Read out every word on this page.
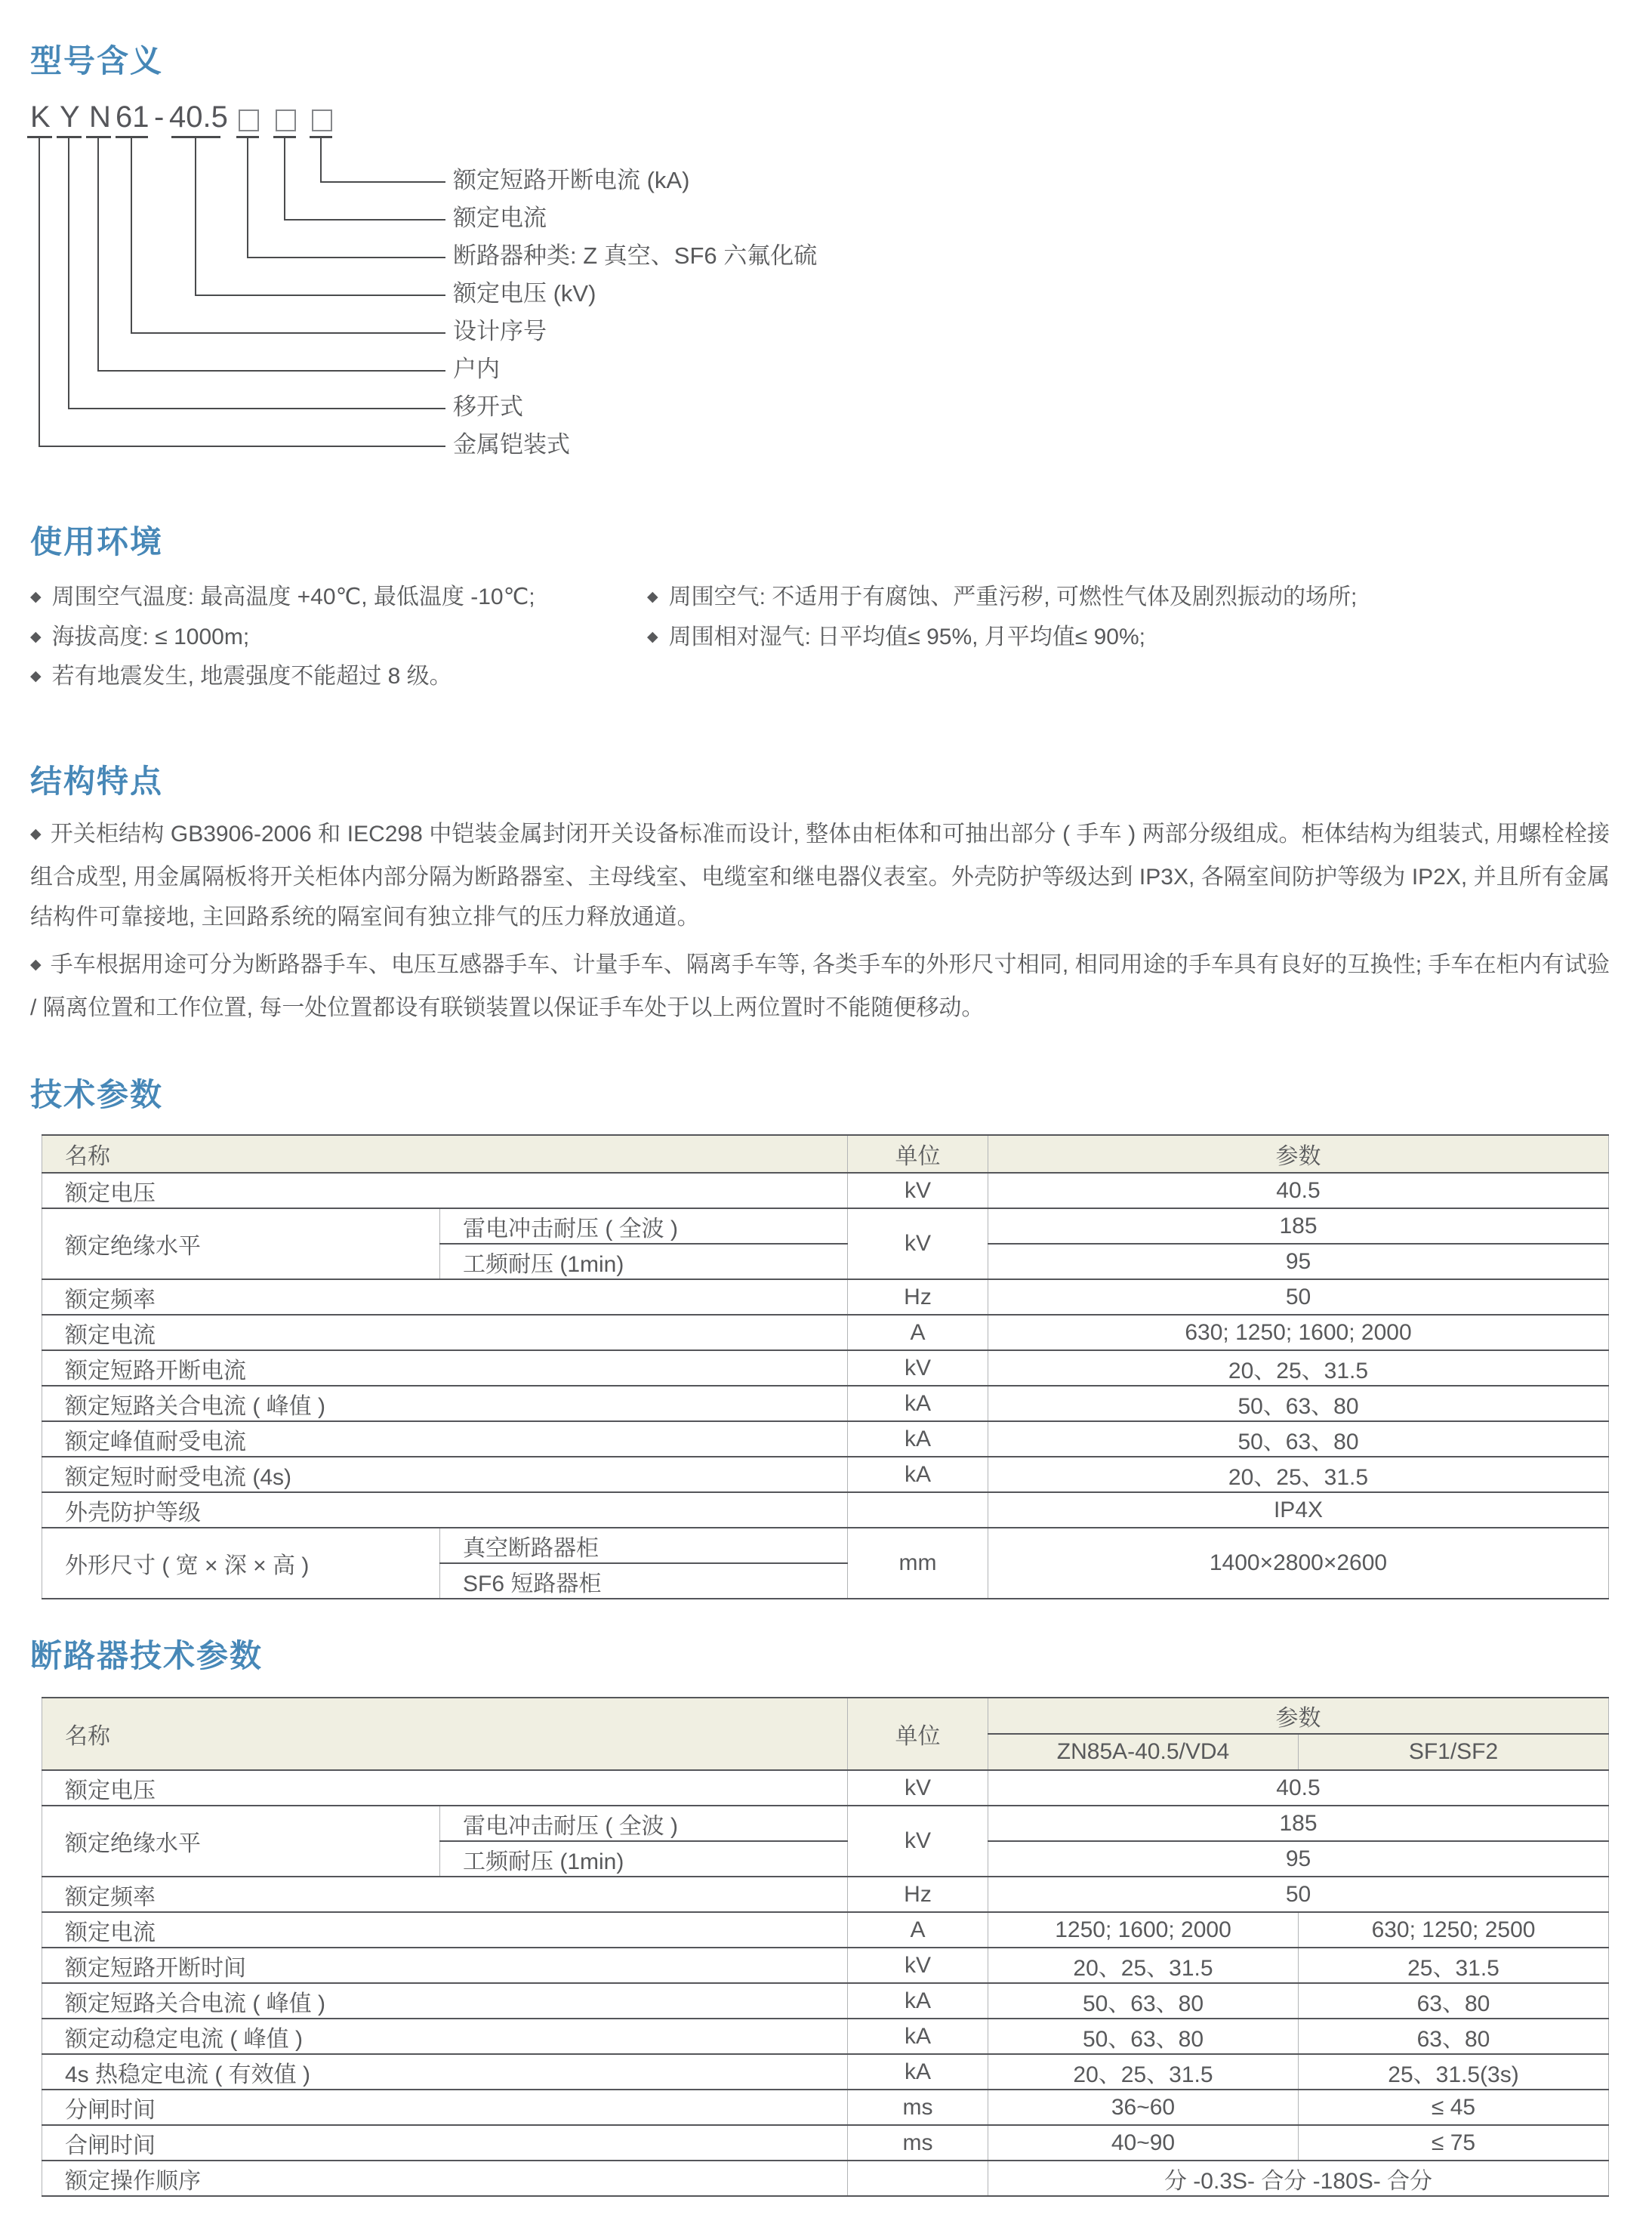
型号含义
K Y N 61 - 40.5
额定短路开断电流 (kA)
额定电流
断路器种类: Z 真空、SF6 六氟化硫
额定电压 (kV)
设计序号
户内
移开式
金属铠装式
使用环境
◆ 周围空气温度: 最高温度 +40℃, 最低温度 -10℃;
◆ 海拔高度: ≤ 1000m;
◆ 若有地震发生, 地震强度不能超过 8 级。
◆ 周围空气: 不适用于有腐蚀、严重污秽, 可燃性气体及剧烈振动的场所;
◆ 周围相对湿气: 日平均值≤ 95%, 月平均值≤ 90%;
结构特点

◆ 开关柜结构 GB3906-2006 和 IEC298 中铠装金属封闭开关设备标准而设计, 整体由柜体和可抽出部分 ( 手车 ) 两部分级组成。柜体结构为组装式, 用螺栓栓接组合成型, 用金属隔板将开关柜体内部分隔为断路器室、主母线室、电缆室和继电器仪表室。外壳防护等级达到 IP3X, 各隔室间防护等级为 IP2X, 并且所有金属结构件可靠接地, 主回路系统的隔室间有独立排气的压力释放通道。

◆ 手车根据用途可分为断路器手车、电压互感器手车、计量手车、隔离手车等, 各类手车的外形尺寸相同, 相同用途的手车具有良好的互换性; 手车在柜内有试验 / 隔离位置和工作位置, 每一处位置都设有联锁装置以保证手车处于以上两位置时不能随便移动。

技术参数
名称		单位	参数
额定电压		kV	40.5
额定绝缘水平	雷电冲击耐压 ( 全波 )	kV	185
	工频耐压 (1min)		95
额定频率		Hz	50
额定电流		A	630; 1250; 1600; 2000
额定短路开断电流		kV	20、25、31.5
额定短路关合电流 ( 峰值 )		kA	50、63、80
额定峰值耐受电流		kA	50、63、80
额定短时耐受电流 (4s)		kA	20、25、31.5
外壳防护等级			IP4X
外形尺寸 ( 宽 × 深 × 高 )	真空断路器柜	mm	1400×2800×2600
	SF6 短路器柜		
断路器技术参数
名称		单位	参数	
			ZN85A-40.5/VD4	SF1/SF2
额定电压		kV	40.5	
额定绝缘水平	雷电冲击耐压 ( 全波 )	kV	185	
	工频耐压 (1min)		95	
额定频率		Hz	50	
额定电流		A	1250; 1600; 2000	630; 1250; 2500
额定短路开断时间		kV	20、25、31.5	25、31.5
额定短路关合电流 ( 峰值 )		kA	50、63、80	63、80
额定动稳定电流 ( 峰值 )		kA	50、63、80	63、80
4s 热稳定电流 ( 有效值 )		kA	20、25、31.5	25、31.5(3s)
分闸时间		ms	36~60	≤ 45
合闸时间		ms	40~90	≤ 75
额定操作顺序			分 -0.3S- 合分 -180S- 合分	
